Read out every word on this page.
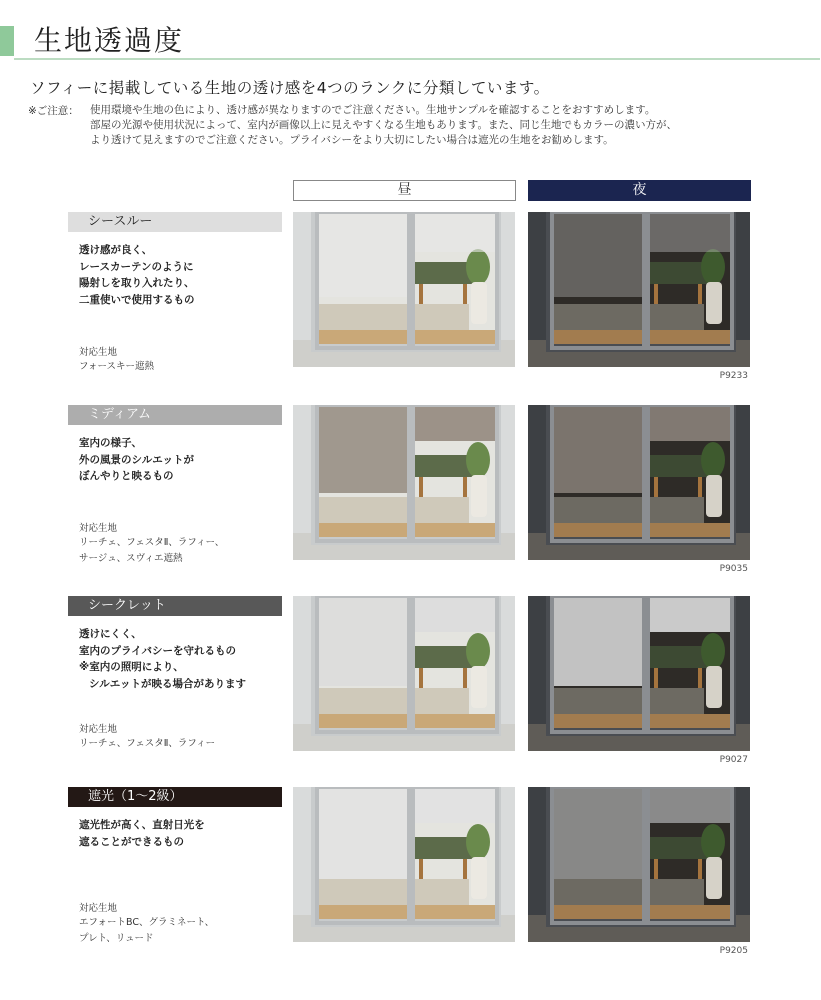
生地透過度
ソフィーに掲載している生地の透け感を4つのランクに分類しています。
※ご注意： 使用環境や生地の色により、透け感が異なりますのでご注意ください。生地サンプルを確認することをおすすめします。
部屋の光源や使用状況によって、室内が画像以上に見えやすくなる生地もあります。また、同じ生地でもカラーの濃い方が、
より透けて見えますのでご注意ください。プライバシーをより大切にしたい場合は遮光の生地をお勧めします。
昼	夜
シースルー
透け感が良く、
レースカーテンのように
陽射しを取り入れたり、
二重使いで使用するもの
対応生地
フォースキー遮熱
P9233
ミディアム
室内の様子、
外の風景のシルエットが
ぼんやりと映るもの
対応生地
リーチェ、フェスタⅡ、ラフィー、
サージュ、スヴィエ遮熱
P9035
シークレット
透けにくく、
室内のプライバシーを守れるもの
※室内の照明により、
シルエットが映る場合があります
対応生地
リーチェ、フェスタⅡ、ラフィー
P9027
遮光（1〜2級）
遮光性が高く、直射日光を
遮ることができるもの
対応生地
エフォートBC、グラミネート、
プレト、リュード
P9205
